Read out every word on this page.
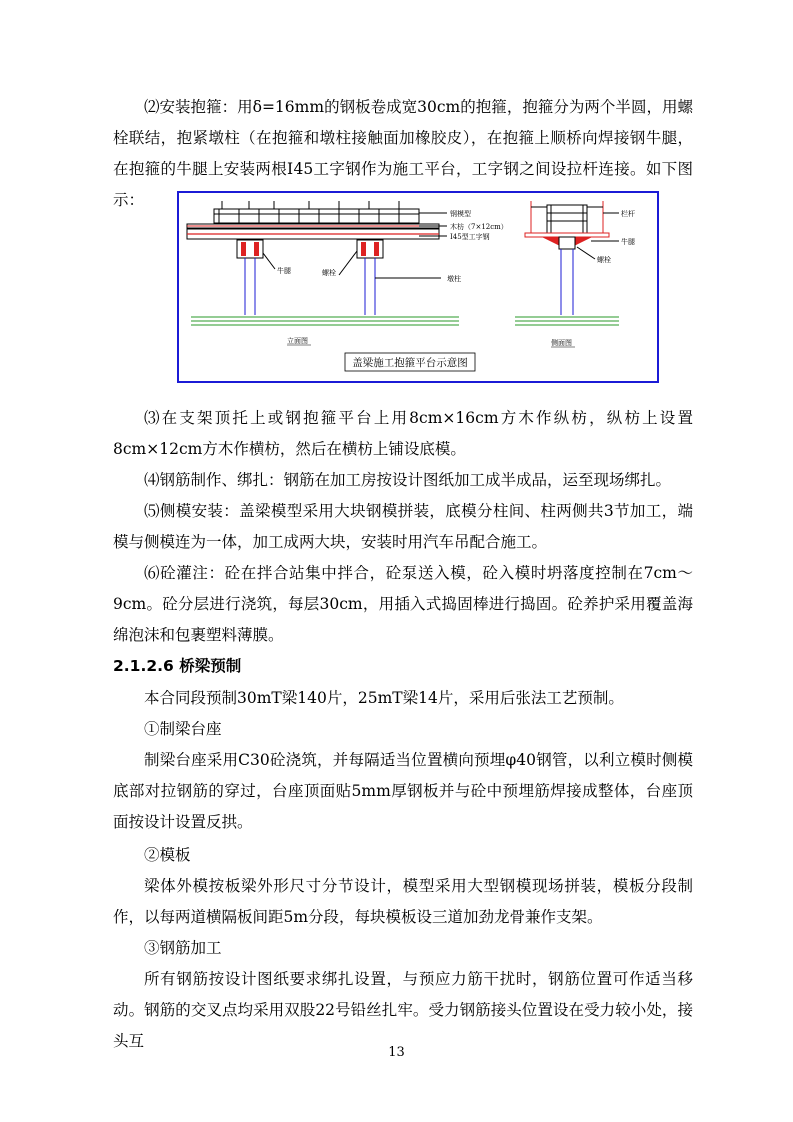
⑵安装抱箍：用δ=16mm的钢板卷成宽30cm的抱箍，抱箍分为两个半圆，用螺栓联结，抱紧墩柱（在抱箍和墩柱接触面加橡胶皮），在抱箍上顺桥向焊接钢牛腿，在抱箍的牛腿上安装两根Ⅰ45工字钢作为施工平台，工字钢之间设拉杆连接。如下图示：

钢模型
木枋（7×12cm）
I45型工字钢
牛腿	螺栓
墩柱
立面图
栏杆
牛腿
螺栓
侧面图
盖梁施工抱箍平台示意图

⑶在支架顶托上或钢抱箍平台上用8cm×16cm方木作纵枋，纵枋上设置8cm×12cm方木作横枋，然后在横枋上铺设底模。

⑷钢筋制作、绑扎：钢筋在加工房按设计图纸加工成半成品，运至现场绑扎。

⑸侧模安装：盖梁模型采用大块钢模拼装，底模分柱间、柱两侧共3节加工，端模与侧模连为一体，加工成两大块，安装时用汽车吊配合施工。

⑹砼灌注：砼在拌合站集中拌合，砼泵送入模，砼入模时坍落度控制在7cm～9cm。砼分层进行浇筑，每层30cm，用插入式捣固棒进行捣固。砼养护采用覆盖海绵泡沫和包裹塑料薄膜。

2.1.2.6 桥梁预制

本合同段预制30mT梁140片，25mT梁14片，采用后张法工艺预制。

①制梁台座

制梁台座采用C30砼浇筑，并每隔适当位置横向预埋φ40钢管，以利立模时侧模底部对拉钢筋的穿过，台座顶面贴5mm厚钢板并与砼中预埋筋焊接成整体，台座顶面按设计设置反拱。

②模板

梁体外模按板梁外形尺寸分节设计，模型采用大型钢模现场拼装，模板分段制作，以每两道横隔板间距5m分段，每块模板设三道加劲龙骨兼作支架。

③钢筋加工

所有钢筋按设计图纸要求绑扎设置，与预应力筋干扰时，钢筋位置可作适当移动。钢筋的交叉点均采用双股22号铅丝扎牢。受力钢筋接头位置设在受力较小处，接头互

13
